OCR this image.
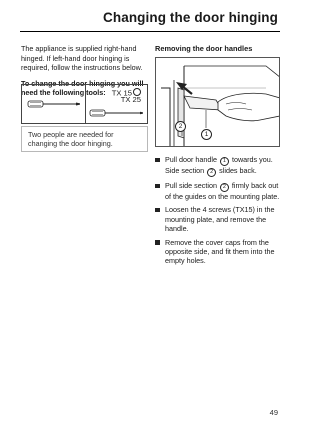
Changing the door hinging

The appliance is supplied right-hand hinged. If left-hand door hinging is required, follow the instructions below.

To change the door hinging you will need the following tools: TX 15
TX 25
Two people are needed for changing the door hinging.

Removing the door handles

2
1
Pull door handle 1 towards you. Side section 2 slides back.
Pull side section 2 firmly back out of the guides on the mounting plate.
Loosen the 4 screws (TX15) in the mounting plate, and remove the handle.
Remove the cover caps from the opposite side, and fit them into the empty holes.
49
